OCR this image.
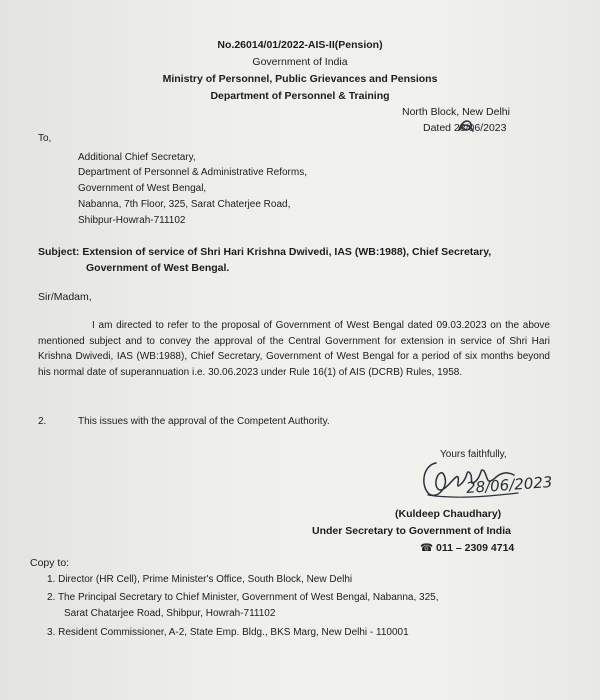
No.26014/01/2022-AIS-II(Pension)
Government of India
Ministry of Personnel, Public Grievances and Pensions
Department of Personnel & Training
North Block, New Delhi
Dated 28/06/2023
To,
Additional Chief Secretary,
Department of Personnel & Administrative Reforms,
Government of West Bengal,
Nabanna, 7th Floor, 325, Sarat Chaterjee Road,
Shibpur-Howrah-711102
Subject: Extension of service of Shri Hari Krishna Dwivedi, IAS (WB:1988), Chief Secretary,
Government of West Bengal.
Sir/Madam,
I am directed to refer to the proposal of Government of West Bengal dated 09.03.2023 on the above mentioned subject and to convey the approval of the Central Government for extension in service of Shri Hari Krishna Dwivedi, IAS (WB:1988), Chief Secretary, Government of West Bengal for a period of six months beyond his normal date of superannuation i.e. 30.06.2023 under Rule 16(1) of AIS (DCRB) Rules, 1958.
2.	This issues with the approval of the Competent Authority.
Yours faithfully,
28/06/2023
(Kuldeep Chaudhary)
Under Secretary to Government of India
☎ 011 – 2309 4714
Copy to:
1. Director (HR Cell), Prime Minister's Office, South Block, New Delhi
2. The Principal Secretary to Chief Minister, Government of West Bengal, Nabanna, 325,
Sarat Chatarjee Road, Shibpur, Howrah-711102
3. Resident Commissioner, A-2, State Emp. Bldg., BKS Marg, New Delhi - 110001
